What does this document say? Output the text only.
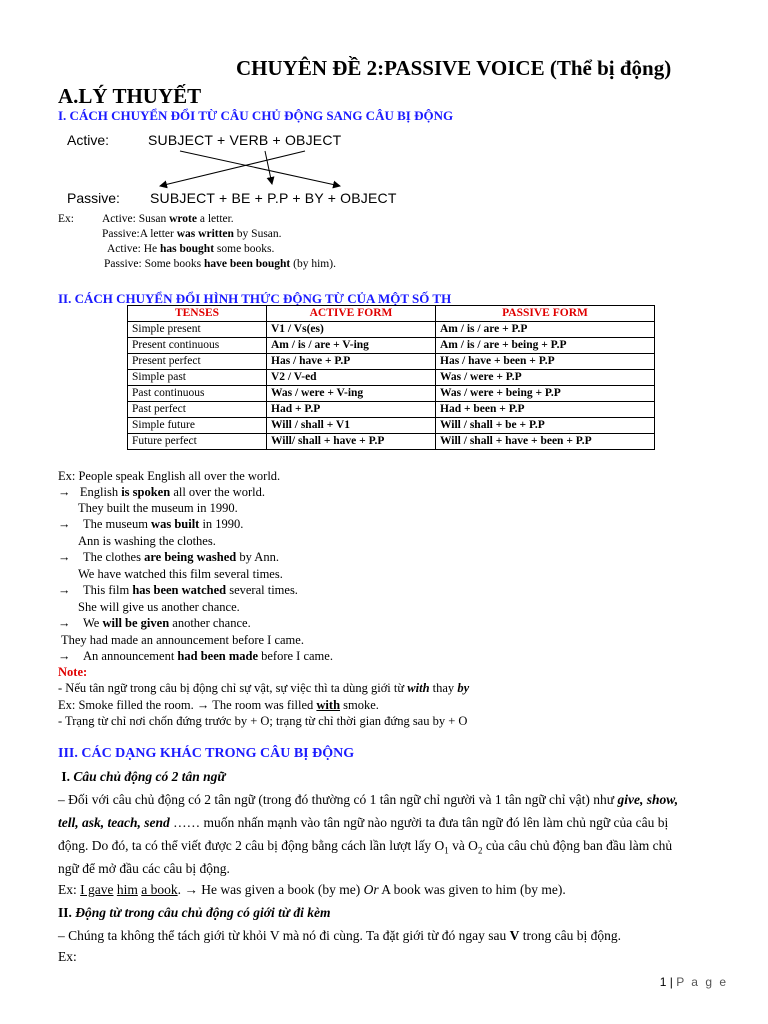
CHUYÊN ĐỀ 2:PASSIVE VOICE (Thể bị động)
A.LÝ THUYẾT
I. CÁCH CHUYỂN ĐỔI TỪ CÂU CHỦ ĐỘNG SANG CÂU BỊ ĐỘNG
Active:	SUBJECT + VERB + OBJECT
Passive: SUBJECT + BE + P.P + BY + OBJECT
Ex: Active: Susan wrote a letter.
Passive:A letter was written by Susan.
Active: He has bought some books.
Passive: Some books have been bought (by him).
II. CÁCH CHUYỂN ĐỔI HÌNH THỨC ĐỘNG TỪ CỦA MỘT SỐ TH
TENSES	ACTIVE FORM	PASSIVE FORM
Simple present	V1 / Vs(es)	Am / is / are + P.P
Present continuous	Am / is / are + V-ing	Am / is / are + being + P.P
Present perfect	Has / have + P.P	Has / have + been + P.P
Simple past	V2 / V-ed	Was / were + P.P
Past continuous	Was / were + V-ing	Was / were + being + P.P
Past perfect	Had + P.P	Had + been + P.P
Simple future	Will / shall + V1	Will / shall + be + P.P
Future perfect	Will/ shall + have + P.P	Will / shall + have + been + P.P
Ex: People speak English all over the world.
→ English is spoken all over the world.
They built the museum in 1990.
→ The museum was built in 1990.
Ann is washing the clothes.
→ The clothes are being washed by Ann.
We have watched this film several times.
→ This film has been watched several times.
She will give us another chance.
→ We will be given another chance.
They had made an announcement before I came.
→ An announcement had been made before I came.
Note:
- Nếu tân ngữ trong câu bị động chỉ sự vật, sự việc thì ta dùng giới từ with thay by
Ex: Smoke filled the room. → The room was filled with smoke.
- Trạng từ chỉ nơi chốn đứng trước by + O; trạng từ chỉ thời gian đứng sau by + O
III. CÁC DẠNG KHÁC TRONG CÂU BỊ ĐỘNG
I. Câu chủ động có 2 tân ngữ
– Đối với câu chủ động có 2 tân ngữ (trong đó thường có 1 tân ngữ chỉ người và 1 tân ngữ chỉ vật) như give, show,
tell, ask, teach, send …… muốn nhấn mạnh vào tân ngữ nào người ta đưa tân ngữ đó lên làm chủ ngữ của câu bị
động. Do đó, ta có thể viết được 2 câu bị động bằng cách lần lượt lấy $O_1$ và $O_2$ của câu chủ động ban đầu làm chủ
ngữ để mở đầu các câu bị động.
Ex: I gave him a book. → He was given a book (by me) Or A book was given to him (by me).
II. Động từ trong câu chủ động có giới từ đi kèm
– Chúng ta không thể tách giới từ khỏi V mà nó đi cùng. Ta đặt giới từ đó ngay sau V trong câu bị động.
Ex:
1 | P a g e
